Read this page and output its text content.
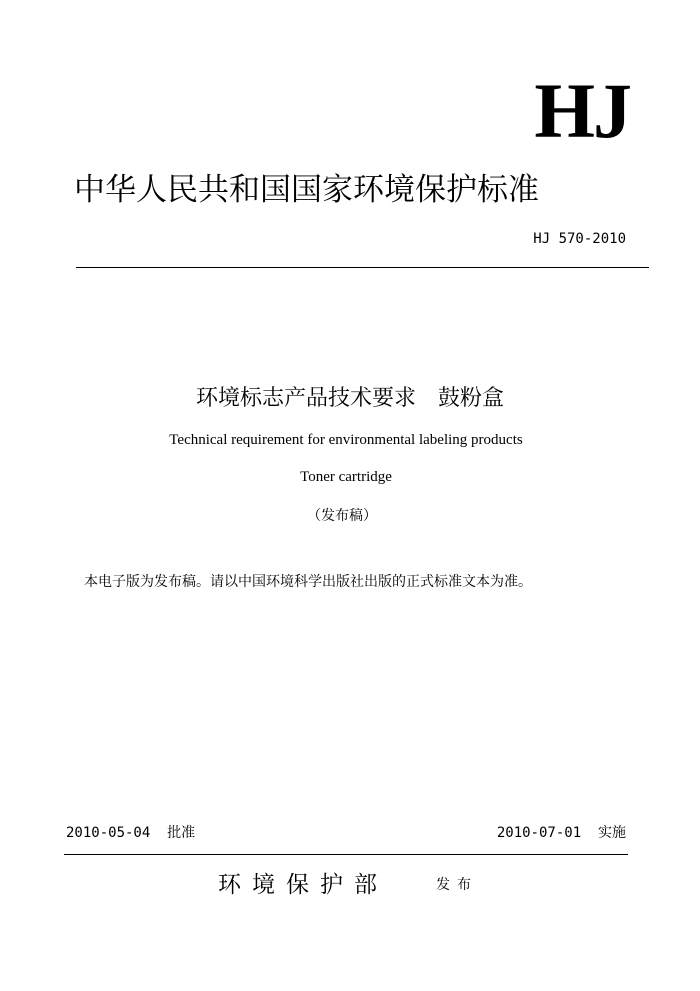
HJ
中华人民共和国国家环境保护标准
HJ 570-2010
环境标志产品技术要求　鼓粉盒
Technical requirement for environmental labeling products
Toner cartridge
（发布稿）
本电子版为发布稿。请以中国环境科学出版社出版的正式标准文本为准。
2010-05-04  批准	2010-07-01  实施
环境保护部	发布
